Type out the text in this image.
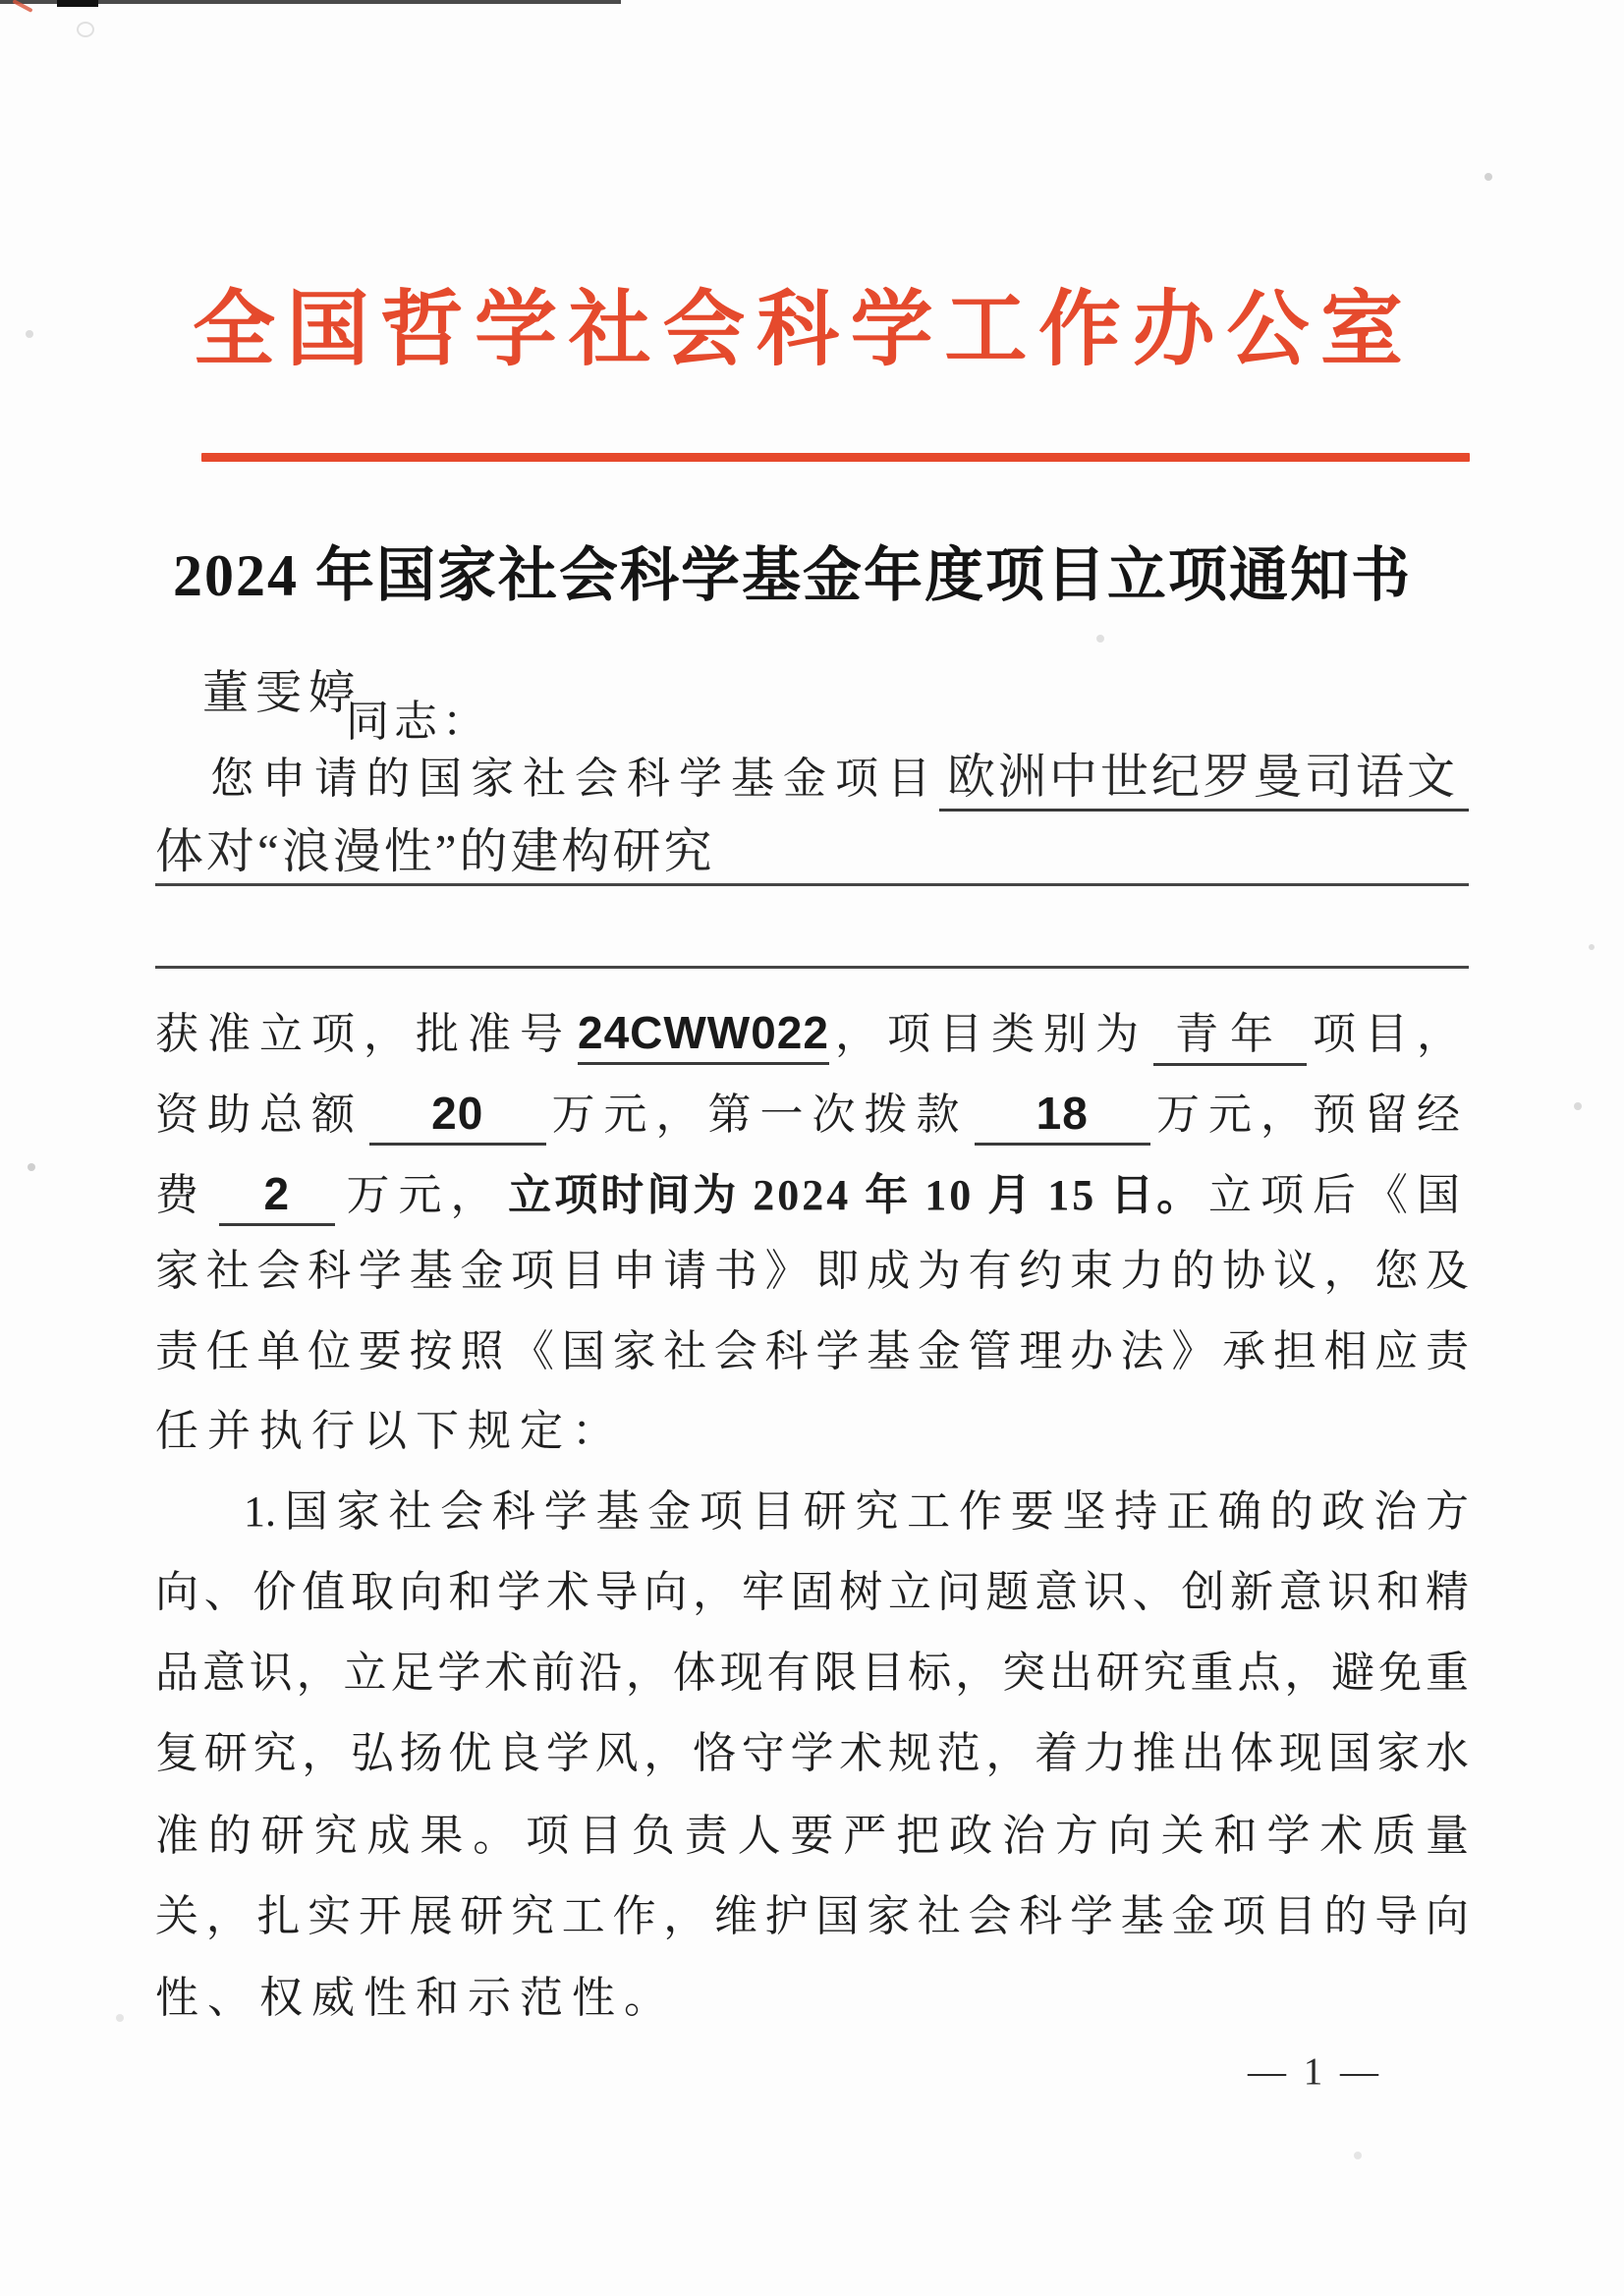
全国哲学社会科学工作办公室
2024 年国家社会科学基金年度项目立项通知书
董雯婷
同志：
您申请的国家社会科学基金项目 欧洲中世纪罗曼司语文
体对“浪漫性”的建构研究
获准立项，批准号 24CWW022 ，项目类别为 青年 项目，
资助总额	20	万元，第一次拨款	18	万元，预留经
费	2	万元， 立项时间为 2024 年 10 月 15 日。 立项后《国
家社会科学基金项目申请书》即成为有约束力的协议，您及
责任单位要按照《国家社会科学基金管理办法》承担相应责
任并执行以下规定：
1.国家社会科学基金项目研究工作要坚持正确的政治方
向、价值取向和学术导向，牢固树立问题意识、创新意识和精
品意识，立足学术前沿，体现有限目标，突出研究重点，避免重
复研究，弘扬优良学风，恪守学术规范，着力推出体现国家水
准的研究成果。项目负责人要严把政治方向关和学术质量
关，扎实开展研究工作，维护国家社会科学基金项目的导向
性、权威性和示范性。
— 1 —
